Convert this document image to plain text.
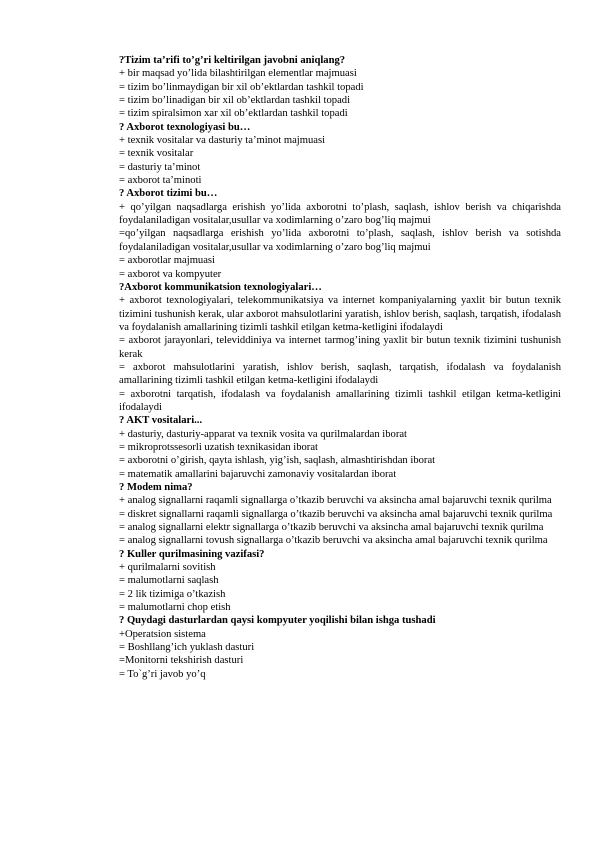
?Tizim ta’rifi to’g’ri keltirilgan javobni aniqlang?

+ bir maqsad yo’lida bilashtirilgan elementlar majmuasi

= tizim bo’linmaydigan bir xil ob’ektlardan tashkil topadi

= tizim bo’linadigan bir xil ob’ektlardan tashkil topadi

= tizim spiralsimon xar xil ob’ektlardan tashkil topadi

? Axborot texnologiyasi bu…

+ texnik vositalar va dasturiy ta’minot majmuasi

= texnik vositalar

= dasturiy ta’minot

= axborot ta’minoti

? Axborot tizimi bu…

+ qo’yilgan naqsadlarga erishish yo’lida axborotni to’plash, saqlash, ishlov berish va chiqarishda foydalaniladigan vositalar,usullar va xodimlarning o’zaro bog’liq majmui

=qo’yilgan naqsadlarga erishish yo’lida axborotni to’plash, saqlash, ishlov berish va sotishda foydalaniladigan vositalar,usullar va xodimlarning o’zaro bog’liq majmui

= axborotlar majmuasi

= axborot va kompyuter

?Axborot kommunikatsion texnologiyalari…

+ axborot texnologiyalari, telekommunikatsiya va internet kompaniyalarning yaxlit bir butun texnik tizimini tushunish kerak, ular axborot mahsulotlarini yaratish, ishlov berish, saqlash, tarqatish, ifodalash va foydalanish amallarining tizimli tashkil etilgan ketma-ketligini ifodalaydi

= axborot jarayonlari, televiddiniya va internet tarmog’ining yaxlit bir butun texnik tizimini tushunish kerak

= axborot mahsulotlarini yaratish, ishlov berish, saqlash, tarqatish, ifodalash va foydalanish amallarining tizimli tashkil etilgan ketma-ketligini ifodalaydi

= axborotni tarqatish, ifodalash va foydalanish amallarining tizimli tashkil etilgan ketma-ketligini ifodalaydi

? AKT vositalari...

+ dasturiy, dasturiy-apparat va texnik vosita va qurilmalardan iborat

= mikroprotssesorli uzatish texnikasidan iborat

= axborotni o’girish, qayta ishlash, yig’ish, saqlash, almashtirishdan iborat

= matematik amallarini bajaruvchi zamonaviy vositalardan iborat

? Modem nima?

+ analog signallarni raqamli signallarga o’tkazib beruvchi va aksincha amal bajaruvchi texnik qurilma

= diskret signallarni raqamli signallarga o’tkazib beruvchi va aksincha amal bajaruvchi texnik qurilma

= analog signallarni elektr signallarga o’tkazib beruvchi va aksincha amal bajaruvchi texnik qurilma

= analog signallarni tovush signallarga o’tkazib beruvchi va aksincha amal bajaruvchi texnik qurilma

? Kuller qurilmasining vazifasi?

+ qurilmalarni sovitish

= malumotlarni saqlash

= 2 lik tizimiga o’tkazish

= malumotlarni chop etish

? Quydagi dasturlardan qaysi kompyuter yoqilishi bilan ishga tushadi

+Operatsion sistema

= Boshllang’ich yuklash dasturi

=Monitorni tekshirish dasturi

= To`g’ri javob yo’q
